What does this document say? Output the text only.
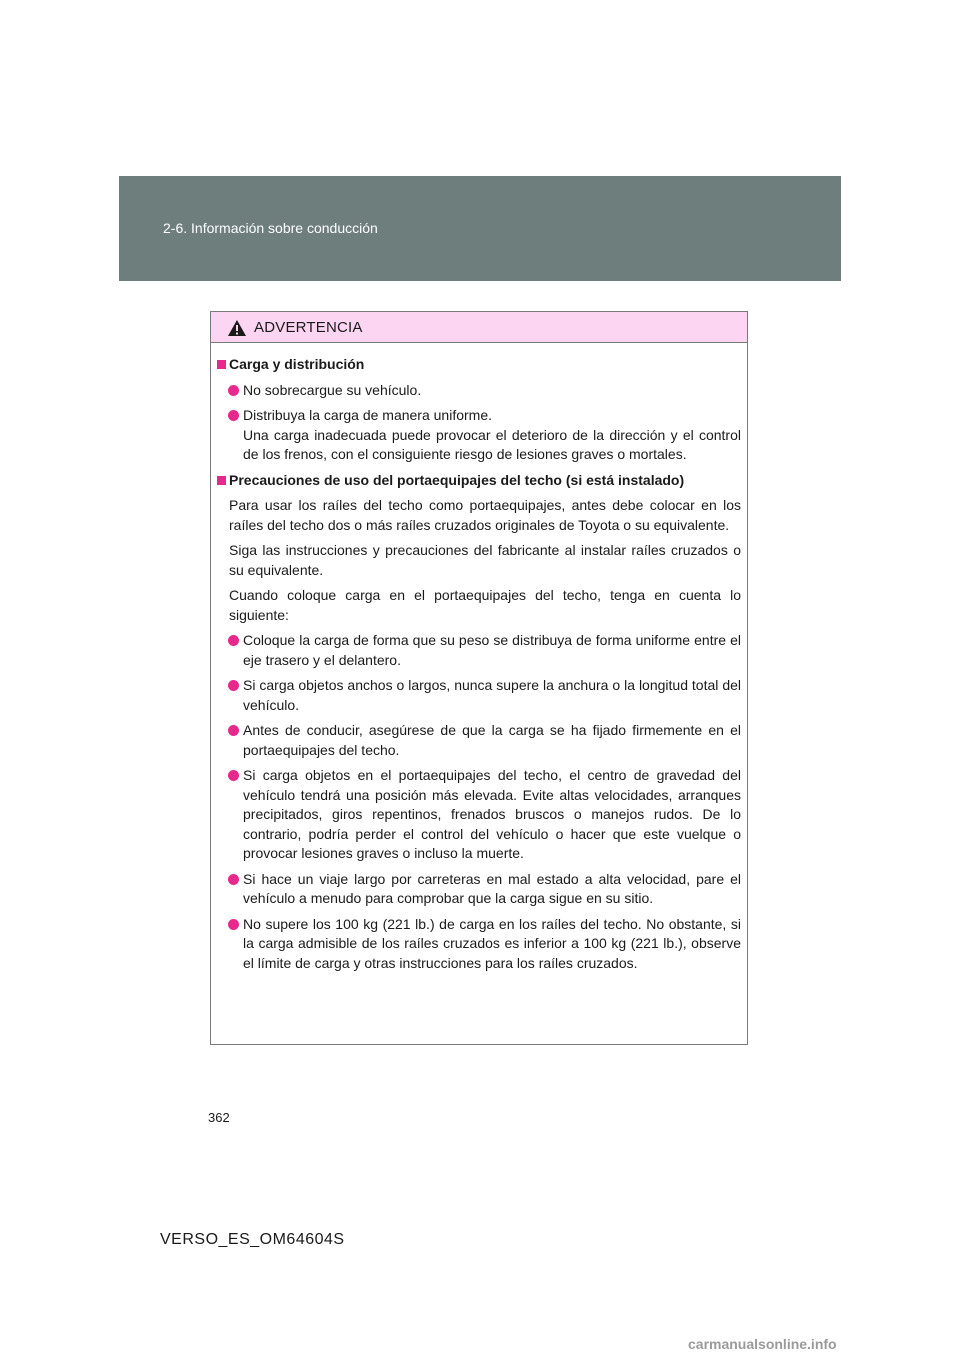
2-6. Información sobre conducción
ADVERTENCIA
Carga y distribución
No sobrecargue su vehículo.
Distribuya la carga de manera uniforme.
Una carga inadecuada puede provocar el deterioro de la dirección y el control de los frenos, con el consiguiente riesgo de lesiones graves o mortales.
Precauciones de uso del portaequipajes del techo (si está instalado)
Para usar los raíles del techo como portaequipajes, antes debe colocar en los raíles del techo dos o más raíles cruzados originales de Toyota o su equivalente.
Siga las instrucciones y precauciones del fabricante al instalar raíles cruzados o su equivalente.
Cuando coloque carga en el portaequipajes del techo, tenga en cuenta lo siguiente:
Coloque la carga de forma que su peso se distribuya de forma uniforme entre el eje trasero y el delantero.
Si carga objetos anchos o largos, nunca supere la anchura o la longitud total del vehículo.
Antes de conducir, asegúrese de que la carga se ha fijado firmemente en el portaequipajes del techo.
Si carga objetos en el portaequipajes del techo, el centro de gravedad del vehículo tendrá una posición más elevada. Evite altas velocidades, arranques precipitados, giros repentinos, frenados bruscos o manejos rudos. De lo contrario, podría perder el control del vehículo o hacer que este vuelque o provocar lesiones graves o incluso la muerte.
Si hace un viaje largo por carreteras en mal estado a alta velocidad, pare el vehículo a menudo para comprobar que la carga sigue en su sitio.
No supere los 100 kg (221 lb.) de carga en los raíles del techo. No obstante, si la carga admisible de los raíles cruzados es inferior a 100 kg (221 lb.), observe el límite de carga y otras instrucciones para los raíles cruzados.
362
VERSO_ES_OM64604S
carmanualsonline.info
